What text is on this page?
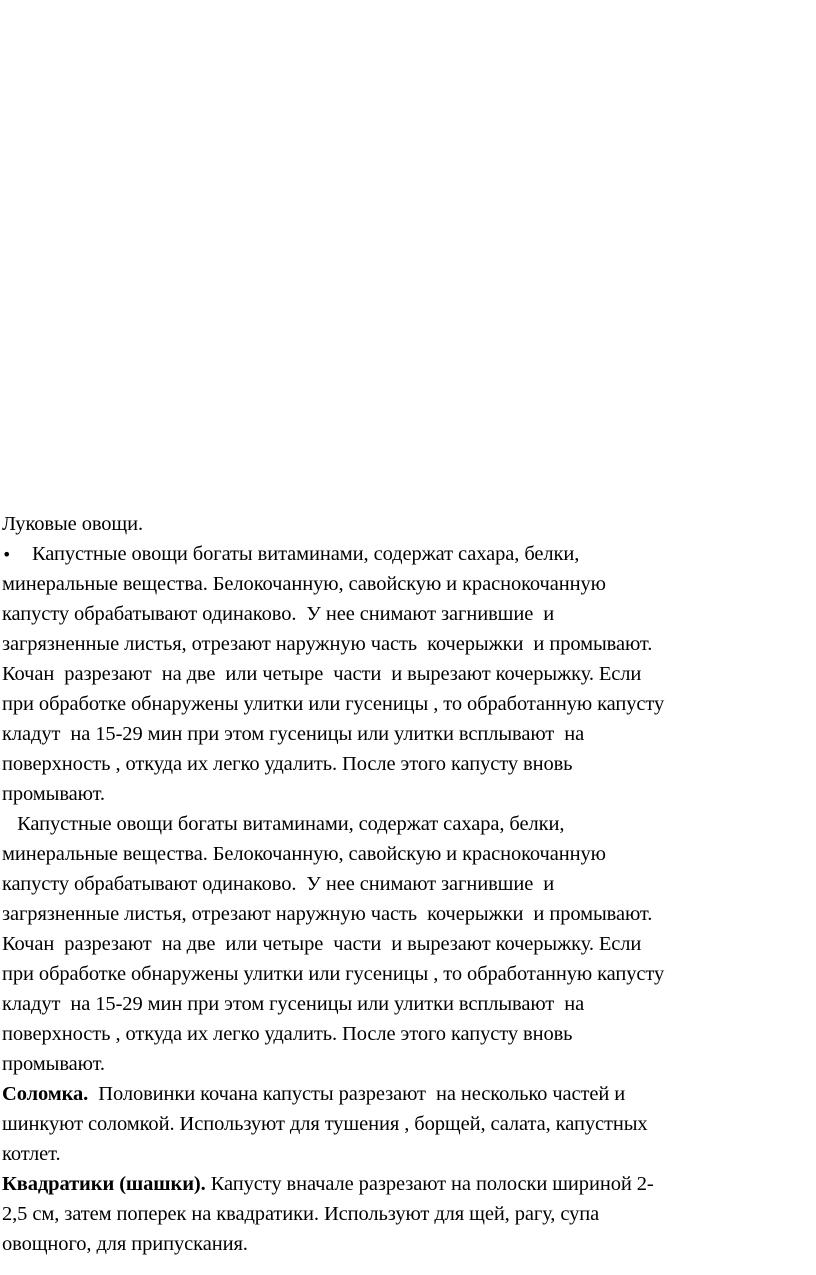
Луковые овощи.
• Капустные овощи богаты витаминами, содержат сахара, белки,
минеральные вещества. Белокочанную, савойскую и краснокочанную
капусту обрабатывают одинаково.  У нее снимают загнившие  и
загрязненные листья, отрезают наружную часть  кочерыжки  и промывают.
Кочан  разрезают  на две  или четыре  части  и вырезают кочерыжку. Если
при обработке обнаружены улитки или гусеницы , то обработанную капусту
кладут  на 15-29 мин при этом гусеницы или улитки всплывают  на
поверхность , откуда их легко удалить. После этого капусту вновь
промывают.
Капустные овощи богаты витаминами, содержат сахара, белки,
минеральные вещества. Белокочанную, савойскую и краснокочанную
капусту обрабатывают одинаково.  У нее снимают загнившие  и
загрязненные листья, отрезают наружную часть  кочерыжки  и промывают.
Кочан  разрезают  на две  или четыре  части  и вырезают кочерыжку. Если
при обработке обнаружены улитки или гусеницы , то обработанную капусту
кладут  на 15-29 мин при этом гусеницы или улитки всплывают  на
поверхность , откуда их легко удалить. После этого капусту вновь
промывают.
Соломка.  Половинки кочана капусты разрезают  на несколько частей и
шинкуют соломкой. Используют для тушения , борщей, салата, капустных
котлет.
Квадратики (шашки). Капусту вначале разрезают на полоски шириной 2-
2,5 см, затем поперек на квадратики. Используют для щей, рагу, супа
овощного, для припускания.
